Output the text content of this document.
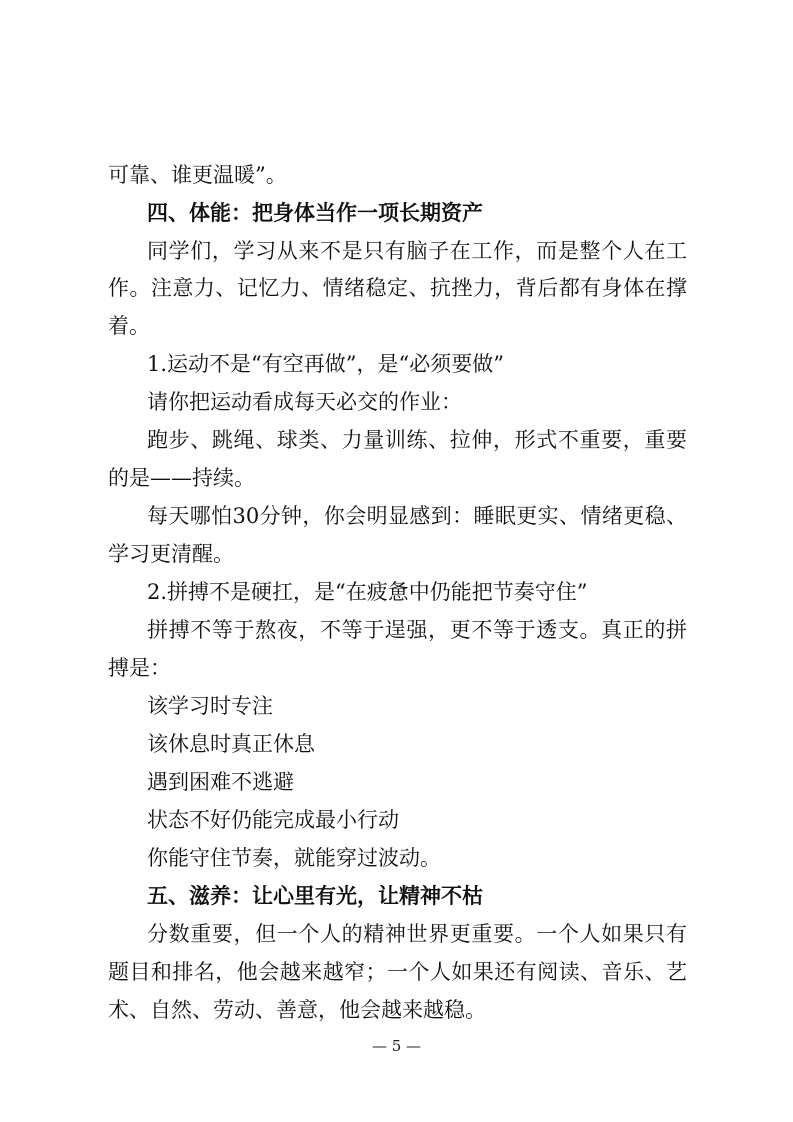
可靠、谁更温暖”。
四、体能：把身体当作一项长期资产
同学们，学习从来不是只有脑子在工作，而是整个人在工
作。注意力、记忆力、情绪稳定、抗挫力，背后都有身体在撑
着。
1.运动不是“有空再做”，是“必须要做”
请你把运动看成每天必交的作业：
跑步、跳绳、球类、力量训练、拉伸，形式不重要，重要
的是——持续。
每天哪怕30分钟，你会明显感到：睡眠更实、情绪更稳、
学习更清醒。
2.拼搏不是硬扛，是“在疲惫中仍能把节奏守住”
拼搏不等于熬夜，不等于逞强，更不等于透支。真正的拼
搏是：
该学习时专注
该休息时真正休息
遇到困难不逃避
状态不好仍能完成最小行动
你能守住节奏，就能穿过波动。
五、滋养：让心里有光，让精神不枯
分数重要，但一个人的精神世界更重要。一个人如果只有
题目和排名，他会越来越窄；一个人如果还有阅读、音乐、艺
术、自然、劳动、善意，他会越来越稳。
— 5 —
